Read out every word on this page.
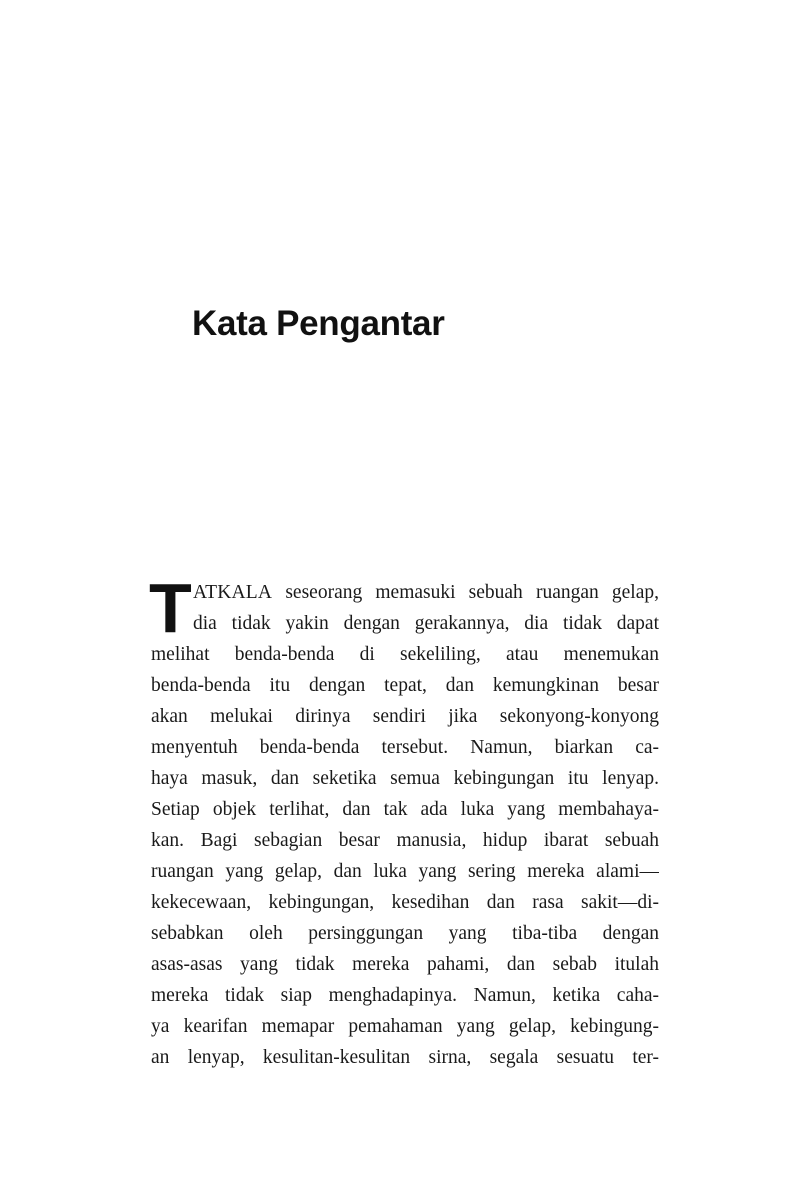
Kata Pengantar
T ATKALA seseorang memasuki sebuah ruangan gelap,
dia tidak yakin dengan gerakannya, dia tidak dapat
melihat benda-benda di sekeliling, atau menemukan
benda-benda itu dengan tepat, dan kemungkinan besar
akan melukai dirinya sendiri jika sekonyong-konyong
menyentuh benda-benda tersebut. Namun, biarkan ca-
haya masuk, dan seketika semua kebingungan itu lenyap.
Setiap objek terlihat, dan tak ada luka yang membahaya-
kan. Bagi sebagian besar manusia, hidup ibarat sebuah
ruangan yang gelap, dan luka yang sering mereka alami—
kekecewaan, kebingungan, kesedihan dan rasa sakit—di-
sebabkan oleh persinggungan yang tiba-tiba dengan
asas-asas yang tidak mereka pahami, dan sebab itulah
mereka tidak siap menghadapinya. Namun, ketika caha-
ya kearifan memapar pemahaman yang gelap, kebingung-
an lenyap, kesulitan-kesulitan sirna, segala sesuatu ter-
